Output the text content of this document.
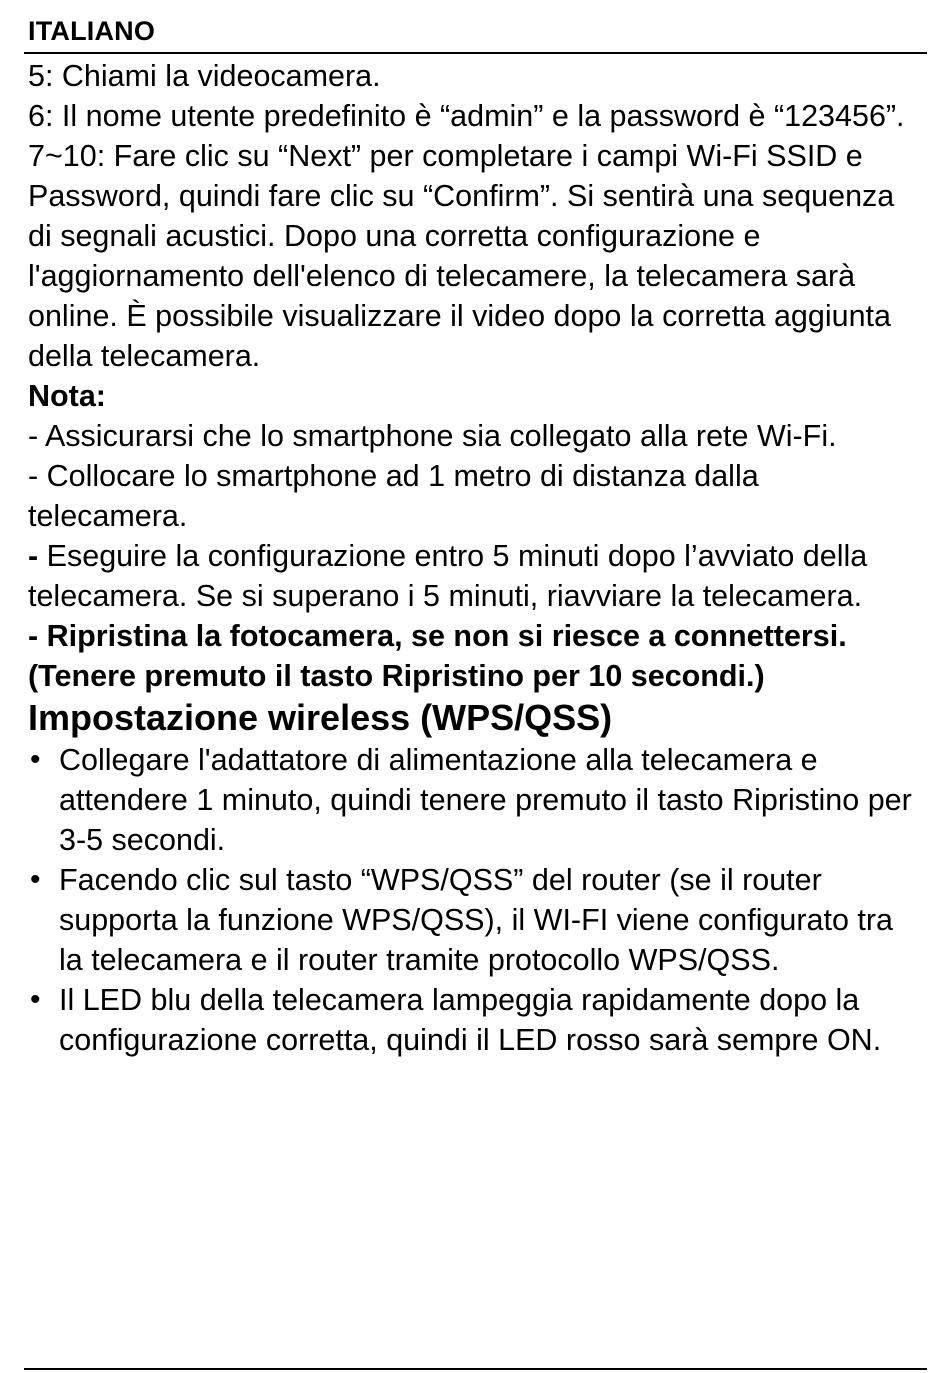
ITALIANO

5: Chiami la videocamera.

6: Il nome utente predefinito è “admin” e la password è “123456”.

7~10: Fare clic su “Next” per completare i campi Wi-Fi SSID e Password, quindi fare clic su “Confirm”. Si sentirà una sequenza di segnali acustici. Dopo una corretta configurazione e l'aggiornamento dell'elenco di telecamere, la telecamera sarà online. È possibile visualizzare il video dopo la corretta aggiunta della telecamera.

Nota:

- Assicurarsi che lo smartphone sia collegato alla rete Wi-Fi.

- Collocare lo smartphone ad 1 metro di distanza dalla telecamera.

- Eseguire la configurazione entro 5 minuti dopo l’avviato della telecamera. Se si superano i 5 minuti, riavviare la telecamera.

- Ripristina la fotocamera, se non si riesce a connettersi. (Tenere premuto il tasto Ripristino per 10 secondi.)

Impostazione wireless (WPS/QSS)
• Collegare l'adattatore di alimentazione alla telecamera e attendere 1 minuto, quindi tenere premuto il tasto Ripristino per 3-5 secondi.
• Facendo clic sul tasto “WPS/QSS” del router (se il router supporta la funzione WPS/QSS), il WI-FI viene configurato tra la telecamera e il router tramite protocollo WPS/QSS.
• Il LED blu della telecamera lampeggia rapidamente dopo la configurazione corretta, quindi il LED rosso sarà sempre ON.
